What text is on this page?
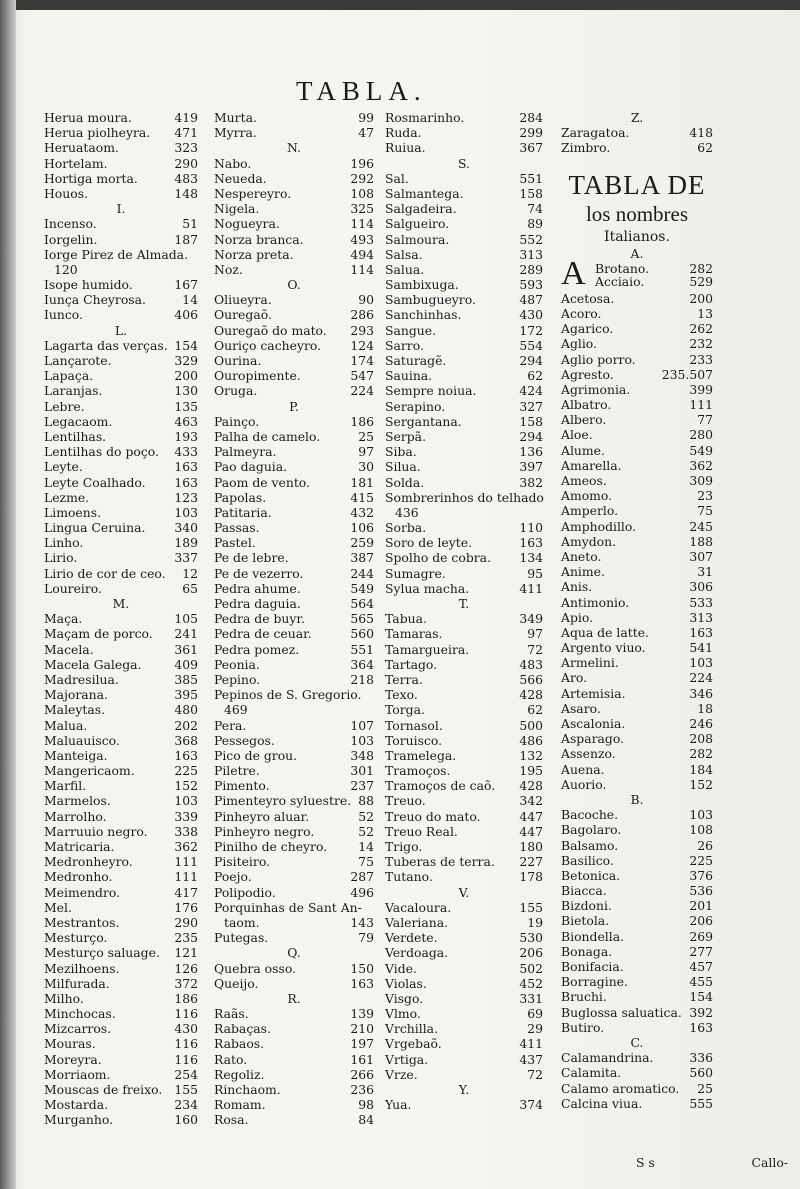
TABLA.
Herua moura.	419
Herua piolheyra. 471
Heruataom.	323
Hortelam.	290
Hortiga morta.	483
Houos.	148
I.
Incenso.	51
Iorgelin.	187
Iorge Pirez de Almada.
120
Isope humido.	167
Iunça Cheyrosa.	14
Iunco.	406
L.
Lagarta das verças. 154
Lançarote.	329
Lapaça.	200
Laranjas.	130
Lebre.	135
Legacaom.	463
Lentilhas.	193
Lentilhas do poço. 433
Leyte.	163
Leyte Coalhado. 163
Lezme.	123
Limoens.	103
Lingua Ceruina. 340
Linho.	189
Lirio.	337
Lirio de cor de ceo. 12
Loureiro.	65
M.
Maça.	105
Maçam de porco. 241
Macela.	361
Macela Galega.	409
Madresilua.	385
Majorana.	395
Maleytas.	480
Malua.	202
Maluauisco.	368
Manteiga.	163
Mangericaom.	225
Marfil.	152
Marmelos.	103
Marrolho.	339
Marruuio negro. 338
Matricaria.	362
Medronheyro.	111
Medronho.	111
Meimendro.	417
Mel.	176
Mestrantos.	290
Mesturço.	235
Mesturço saluage. 121
Mezilhoens.	126
Milfurada.	372
Milho.	186
Minchocas.	116
Mizcarros.	430
Mouras.	116
Moreyra.	116
Morriaom.	254
Mouscas de freixo. 155
Mostarda.	234
Murganho.	160
Murta.	99
Myrra.	47
N.
Nabo.	196
Neueda.	292
Nespereyro.	108
Nigela.	325
Nogueyra.	114
Norza branca.	493
Norza preta.	494
Noz.	114
O.
Oliueyra.	90
Ouregaõ.	286
Ouregaõ do mato. 293
Ouriço cacheyro. 124
Ourina.	174
Ouropimente.	547
Oruga.	224
P.
Painço.	186
Palha de camelo.	25
Palmeyra.	97
Pao daguia.	30
Paom de vento.	181
Papolas.	415
Patitaria.	432
Passas.	106
Pastel.	259
Pe de lebre.	387
Pe de vezerro.	244
Pedra ahume.	549
Pedra daguia.	564
Pedra de buyr.	565
Pedra de ceuar.	560
Pedra pomez.	551
Peonia.	364
Pepino.	218
Pepinos de S. Gregorio.
469
Pera.	107
Pessegos.	103
Pico de grou.	348
Piletre.	301
Pimento.	237
Pimenteyro syluestre. 88
Pinheyro aluar.	52
Pinheyro negro.	52
Pinilho de cheyro.	14
Pisiteiro.	75
Poejo.	287
Polipodio.	496
Porquinhas de Sant An-
taom.	143
Putegas.	79
Q.
Quebra osso.	150
Queijo.	163
R.
Raãs.	139
Rabaças.	210
Rabaos.	197
Rato.	161
Regoliz.	266
Rinchaom.	236
Romam.	98
Rosa.	84
Rosmarinho.	284
Ruda.	299
Ruiua.	367
S.
Sal.	551
Salmantega.	158
Salgadeira.	74
Salgueiro.	89
Salmoura.	552
Salsa.	313
Salua.	289
Sambixuga.	593
Sambugueyro.	487
Sanchinhas.	430
Sangue.	172
Sarro.	554
Saturagẽ.	294
Sauina.	62
Sempre noiua.	424
Serapino.	327
Sergantana.	158
Serpã.	294
Siba.	136
Silua.	397
Solda.	382
Sombrerinhos do telhado
436
Sorba.	110
Soro de leyte.	163
Spolho de cobra. 134
Sumagre.	95
Sylua macha.	411
T.
Tabua.	349
Tamaras.	97
Tamargueira.	72
Tartago.	483
Terra.	566
Texo.	428
Torga.	62
Tornasol.	500
Toruisco.	486
Tramelega.	132
Tramoços.	195
Tramoços de caõ. 428
Treuo.	342
Treuo do mato.	447
Treuo Real.	447
Trigo.	180
Tuberas de terra. 227
Tutano.	178
V.
Vacaloura.	155
Valeriana.	19
Verdete.	530
Verdoaga.	206
Vide.	502
Violas.	452
Visgo.	331
Vlmo.	69
Vrchilla.	29
Vrgebaõ.	411
Vrtiga.	437
Vrze.	72
Y.
Yua.	374
Z.
Zaragatoa.	418
Zimbro.	62
TABLA DE
los nombres
Italianos.
A.
A Brotano.	282
Acciaio.	529
Acetosa.	200
Acoro.	13
Agarico.	262
Aglio.	232
Aglio porro.	233
Agresto.	235.507
Agrimonia.	399
Albatro.	111
Albero.	77
Aloe.	280
Alume.	549
Amarella.	362
Ameos.	309
Amomo.	23
Amperlo.	75
Amphodillo.	245
Amydon.	188
Aneto.	307
Anime.	31
Anis.	306
Antimonio.	533
Apio.	313
Aqua de latte.	163
Argento viuo.	541
Armelini.	103
Aro.	224
Artemisia.	346
Asaro.	18
Ascalonia.	246
Asparago.	208
Assenzo.	282
Auena.	184
Auorio.	152
B.
Bacoche.	103
Bagolaro.	108
Balsamo.	26
Basilico.	225
Betonica.	376
Biacca.	536
Bizdoni.	201
Bietola.	206
Biondella.	269
Bonaga.	277
Bonifacia.	457
Borragine.	455
Bruchi.	154
Buglossa saluatica. 392
Butiro.	163
C.
Calamandrina.	336
Calamita.	560
Calamo aromatico. 25
Calcina viua.	555
S s	Callo-
